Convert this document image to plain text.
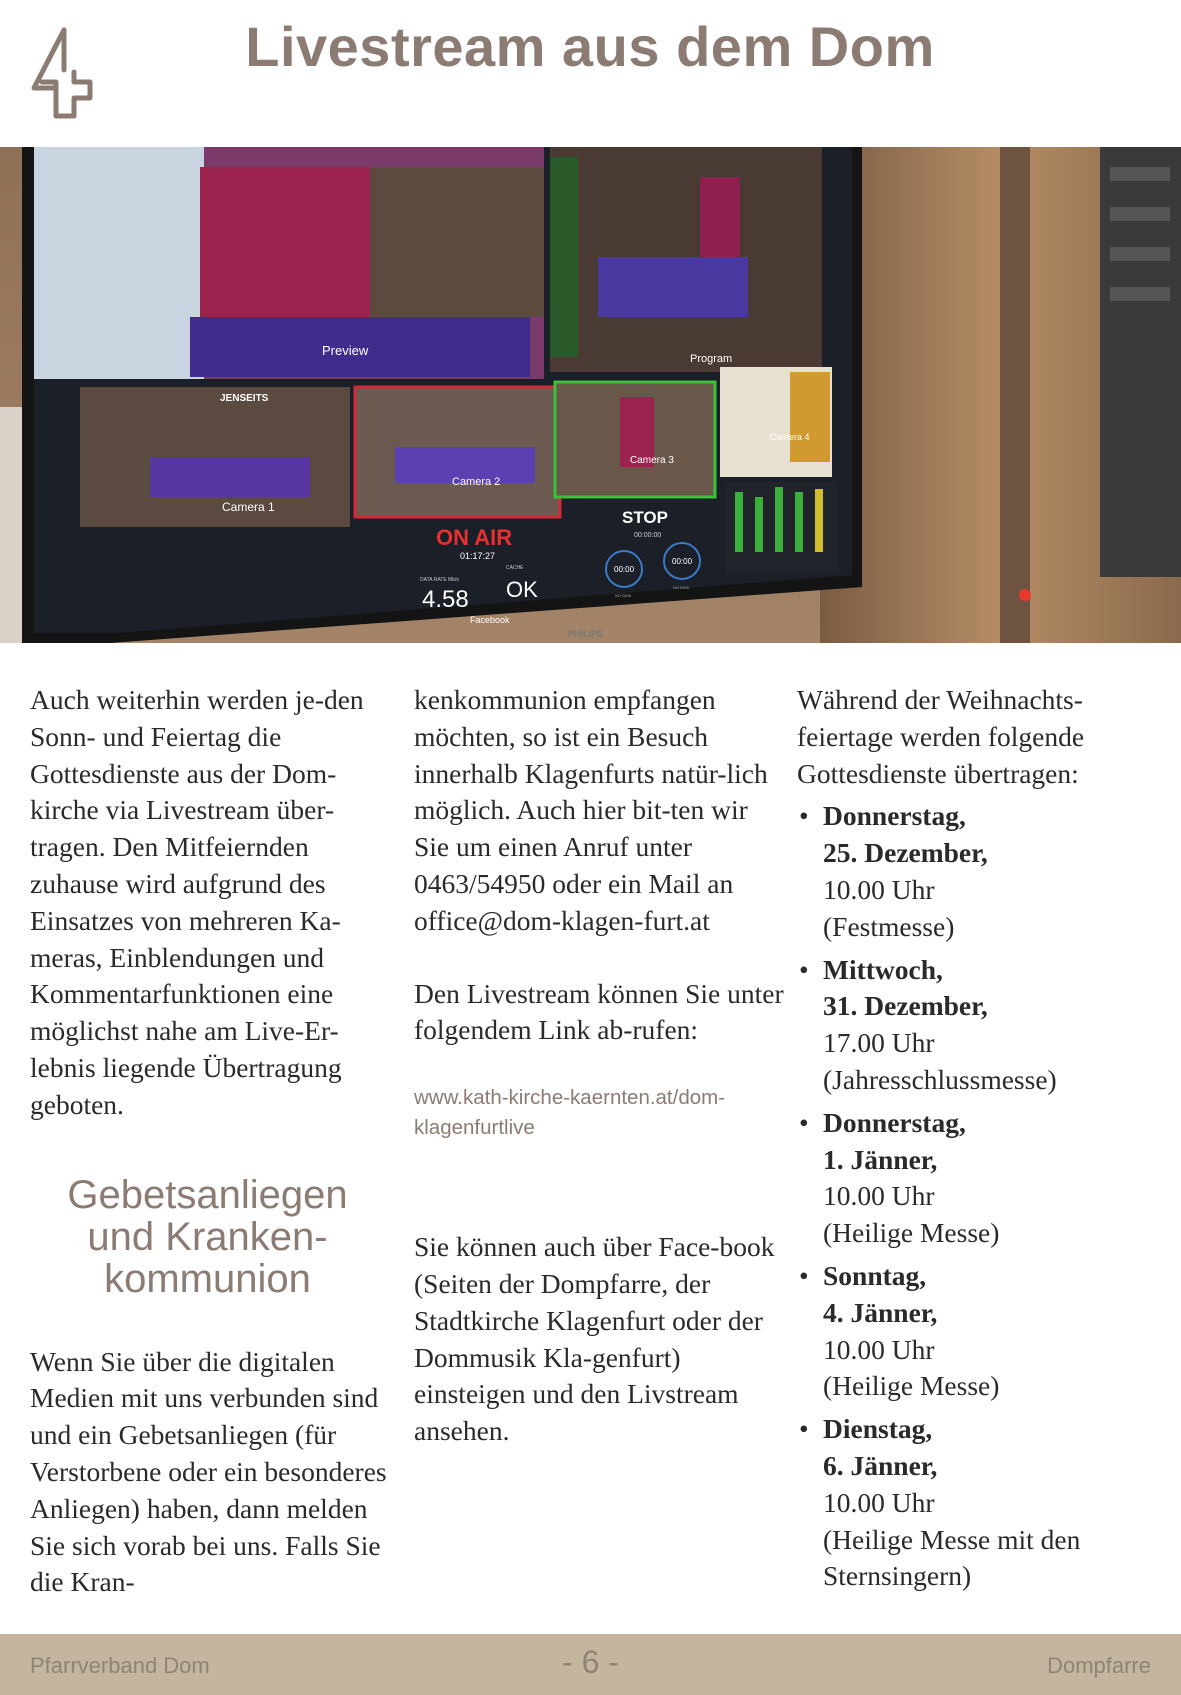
Livestream aus dem Dom
Preview
Program
JENSEITS
Camera 1
Camera 2
Camera 3
Camera 4
ON AIR
01:17:27
DATA RATE Mb/s
CACHE
4.58 OK
Facebook
STOP
00:00:00
00:00
00:00
NO DISK
NO DISK
PHILIPS

Auch weiterhin werden je-den Sonn- und Feiertag die Gottesdienste aus der Dom-kirche via Livestream über-tragen. Den Mitfeiernden zuhause wird aufgrund des Einsatzes von mehreren Ka-meras, Einblendungen und Kommentarfunktionen eine möglichst nahe am Live-Er-lebnis liegende Übertragung geboten.

Gebetsanliegen und Kranken-kommunion

Wenn Sie über die digitalen Medien mit uns verbunden sind und ein Gebetsanliegen (für Verstorbene oder ein besonderes Anliegen) haben, dann melden Sie sich vorab bei uns. Falls Sie die Kran-

kenkommunion empfangen möchten, so ist ein Besuch innerhalb Klagenfurts natür-lich möglich. Auch hier bit-ten wir Sie um einen Anruf unter 0463/54950 oder ein Mail an office@dom-klagen-furt.at

Den Livestream können Sie unter folgendem Link ab-rufen:

www.kath-kirche-kaernten.at/dom-klagenfurtlive

Sie können auch über Face-book (Seiten der Dompfarre, der Stadtkirche Klagenfurt oder der Dommusik Kla-genfurt) einsteigen und den Livstream ansehen.

Während der Weihnachts-feiertage werden folgende Gottesdienste übertragen:

• Donnerstag,
25. Dezember,
10.00 Uhr
(Festmesse)
• Mittwoch,
31. Dezember,
17.00 Uhr
(Jahresschlussmesse)
• Donnerstag,
1. Jänner,
10.00 Uhr
(Heilige Messe)
• Sonntag,
4. Jänner,
10.00 Uhr
(Heilige Messe)
• Dienstag,
6. Jänner,
10.00 Uhr
(Heilige Messe mit den Sternsingern)
Pfarrverband Dom	- 6 -	Dompfarre
